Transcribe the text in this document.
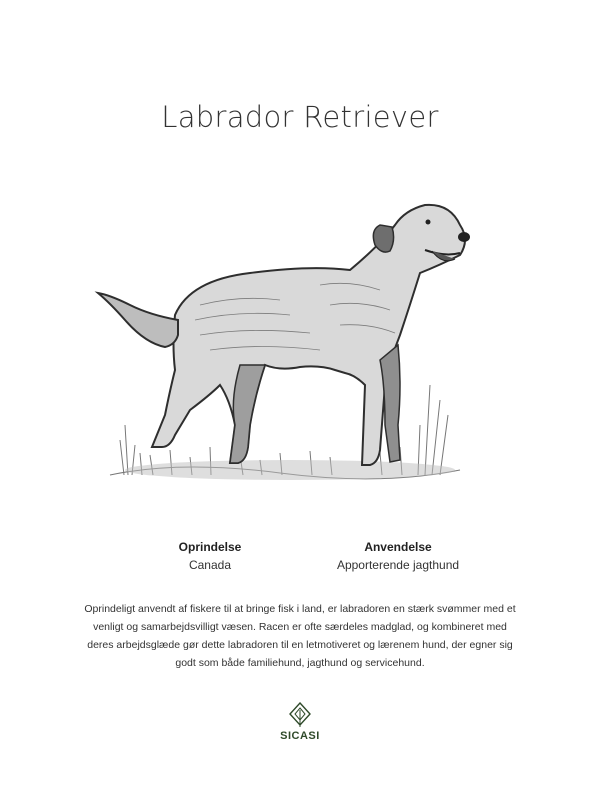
Labrador Retriever
Oprindelse
Canada
Anvendelse
Apporterende jagthund
Oprindeligt anvendt af fiskere til at bringe fisk i land, er labradoren en stærk svømmer med et venligt og samarbejdsvilligt væsen. Racen er ofte særdeles madglad, og kombineret med deres arbejdsglæde gør dette labradoren til en letmotiveret og lærenem hund, der egner sig godt som både familiehund, jagthund og servicehund.
SICASI
